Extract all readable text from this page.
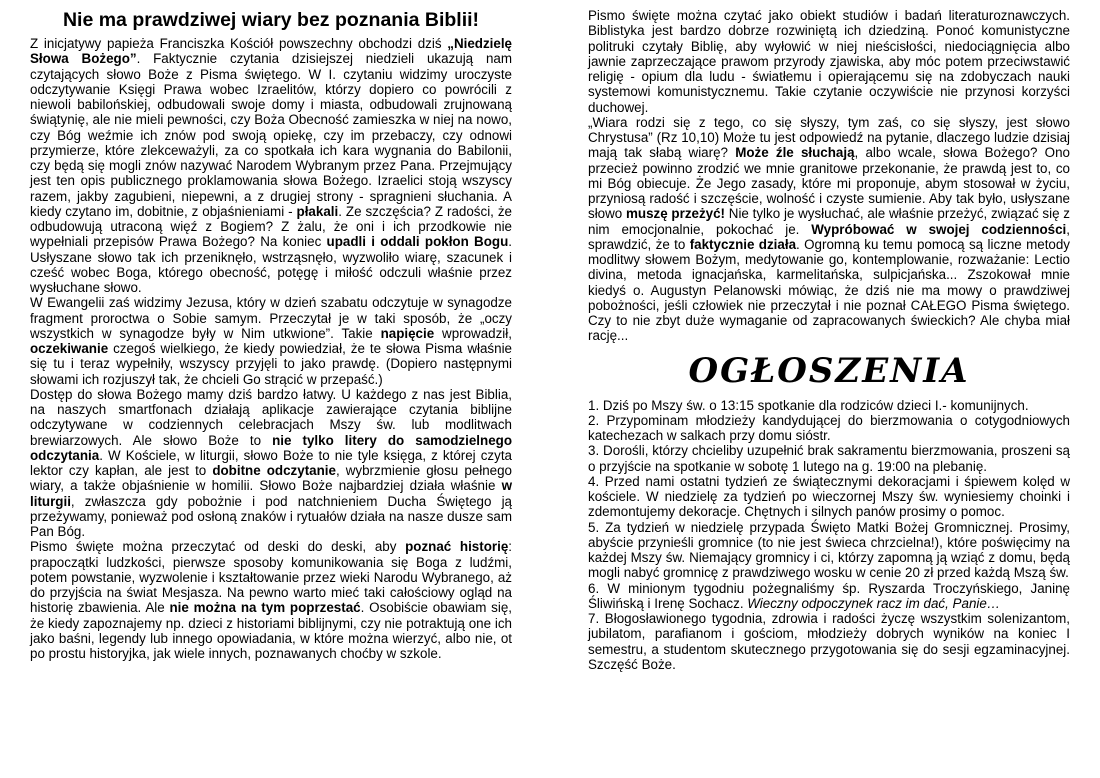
Nie ma prawdziwej wiary bez poznania Biblii!

Z inicjatywy papieża Franciszka Kościół powszechny obchodzi dziś „Niedzielę Słowa Bożego”. Faktycznie czytania dzisiejszej niedzieli ukazują nam czytających słowo Boże z Pisma świętego. W I. czytaniu widzimy uroczyste odczytywanie Księgi Prawa wobec Izraelitów, którzy dopiero co powrócili z niewoli babilońskiej, odbudowali swoje domy i miasta, odbudowali zrujnowaną świątynię, ale nie mieli pewności, czy Boża Obecność zamieszka w niej na nowo, czy Bóg weźmie ich znów pod swoją opiekę, czy im przebaczy, czy odnowi przymierze, które zlekceważyli, za co spotkała ich kara wygnania do Babilonii, czy będą się mogli znów nazywać Narodem Wybranym przez Pana. Przejmujący jest ten opis publicznego proklamowania słowa Bożego. Izraelici stoją wszyscy razem, jakby zagubieni, niepewni, a z drugiej strony - spragnieni słuchania. A kiedy czytano im, dobitnie, z objaśnieniami - płakali. Ze szczęścia? Z radości, że odbudowują utraconą więź z Bogiem? Z żalu, że oni i ich przodkowie nie wypełniali przepisów Prawa Bożego? Na koniec upadli i oddali pokłon Bogu. Usłyszane słowo tak ich przeniknęło, wstrząsnęło, wyzwoliło wiarę, szacunek i cześć wobec Boga, którego obecność, potęgę i miłość odczuli właśnie przez wysłuchane słowo.

W Ewangelii zaś widzimy Jezusa, który w dzień szabatu odczytuje w synagodze fragment proroctwa o Sobie samym. Przeczytał je w taki sposób, że „oczy wszystkich w synagodze były w Nim utkwione”. Takie napięcie wprowadził, oczekiwanie czegoś wielkiego, że kiedy powiedział, że te słowa Pisma właśnie się tu i teraz wypełniły, wszyscy przyjęli to jako prawdę. (Dopiero następnymi słowami ich rozjuszył tak, że chcieli Go strącić w przepaść.)

Dostęp do słowa Bożego mamy dziś bardzo łatwy. U każdego z nas jest Biblia, na naszych smartfonach działają aplikacje zawierające czytania biblijne odczytywane w codziennych celebracjach Mszy św. lub modlitwach brewiarzowych. Ale słowo Boże to nie tylko litery do samodzielnego odczytania. W Kościele, w liturgii, słowo Boże to nie tyle księga, z której czyta lektor czy kapłan, ale jest to dobitne odczytanie, wybrzmienie głosu pełnego wiary, a także objaśnienie w homilii. Słowo Boże najbardziej działa właśnie w liturgii, zwłaszcza gdy pobożnie i pod natchnieniem Ducha Świętego ją przeżywamy, ponieważ pod osłoną znaków i rytuałów działa na nasze dusze sam Pan Bóg.

Pismo święte można przeczytać od deski do deski, aby poznać historię: prapoczątki ludzkości, pierwsze sposoby komunikowania się Boga z ludźmi, potem powstanie, wyzwolenie i kształtowanie przez wieki Narodu Wybranego, aż do przyjścia na świat Mesjasza. Na pewno warto mieć taki całościowy ogląd na historię zbawienia. Ale nie można na tym poprzestać. Osobiście obawiam się, że kiedy zapoznajemy np. dzieci z historiami biblijnymi, czy nie potraktują one ich jako baśni, legendy lub innego opowiadania, w które można wierzyć, albo nie, ot po prostu historyjka, jak wiele innych, poznawanych choćby w szkole.

Pismo święte można czytać jako obiekt studiów i badań literaturoznawczych. Biblistyka jest bardzo dobrze rozwiniętą ich dziedziną. Ponoć komunistyczne politruki czytały Biblię, aby wyłowić w niej nieścisłości, niedociągnięcia albo jawnie zaprzeczające prawom przyrody zjawiska, aby móc potem przeciwstawić religię - opium dla ludu - światłemu i opierającemu się na zdobyczach nauki systemowi komunistycznemu. Takie czytanie oczywiście nie przynosi korzyści duchowej.

„Wiara rodzi się z tego, co się słyszy, tym zaś, co się słyszy, jest słowo Chrystusa” (Rz 10,10) Może tu jest odpowiedź na pytanie, dlaczego ludzie dzisiaj mają tak słabą wiarę? Może źle słuchają, albo wcale, słowa Bożego? Ono przecież powinno zrodzić we mnie granitowe przekonanie, że prawdą jest to, co mi Bóg obiecuje. Że Jego zasady, które mi proponuje, abym stosował w życiu, przyniosą radość i szczęście, wolność i czyste sumienie. Aby tak było, usłyszane słowo muszę przeżyć! Nie tylko je wysłuchać, ale właśnie przeżyć, związać się z nim emocjonalnie, pokochać je. Wypróbować w swojej codzienności, sprawdzić, że to faktycznie działa. Ogromną ku temu pomocą są liczne metody modlitwy słowem Bożym, medytowanie go, kontemplowanie, rozważanie: Lectio divina, metoda ignacjańska, karmelitańska, sulpicjańska... Zszokował mnie kiedyś o. Augustyn Pelanowski mówiąc, że dziś nie ma mowy o prawdziwej pobożności, jeśli człowiek nie przeczytał i nie poznał CAŁEGO Pisma świętego. Czy to nie zbyt duże wymaganie od zapracowanych świeckich? Ale chyba miał rację...

OGŁOSZENIA

1. Dziś po Mszy św. o 13:15 spotkanie dla rodziców dzieci I.- komunijnych.

2. Przypominam młodzieży kandydującej do bierzmowania o cotygodniowych katechezach w salkach przy domu sióstr.

3. Dorośli, którzy chcieliby uzupełnić brak sakramentu bierzmowania, proszeni są o przyjście na spotkanie w sobotę 1 lutego na g. 19:00 na plebanię.

4. Przed nami ostatni tydzień ze świątecznymi dekoracjami i śpiewem kolęd w kościele. W niedzielę za tydzień po wieczornej Mszy św. wyniesiemy choinki i zdemontujemy dekoracje. Chętnych i silnych panów prosimy o pomoc.

5. Za tydzień w niedzielę przypada Święto Matki Bożej Gromnicznej. Prosimy, abyście przynieśli gromnice (to nie jest świeca chrzcielna!), które poświęcimy na każdej Mszy św. Niemający gromnicy i ci, którzy zapomną ją wziąć z domu, będą mogli nabyć gromnicę z prawdziwego wosku w cenie 20 zł przed każdą Mszą św.

6. W minionym tygodniu pożegnaliśmy śp. Ryszarda Troczyńskiego, Janinę Śliwińską i Irenę Sochacz. Wieczny odpoczynek racz im dać, Panie…

7. Błogosławionego tygodnia, zdrowia i radości życzę wszystkim solenizantom, jubilatom, parafianom i gościom, młodzieży dobrych wyników na koniec I semestru, a studentom skutecznego przygotowania się do sesji egzaminacyjnej. Szczęść Boże.
